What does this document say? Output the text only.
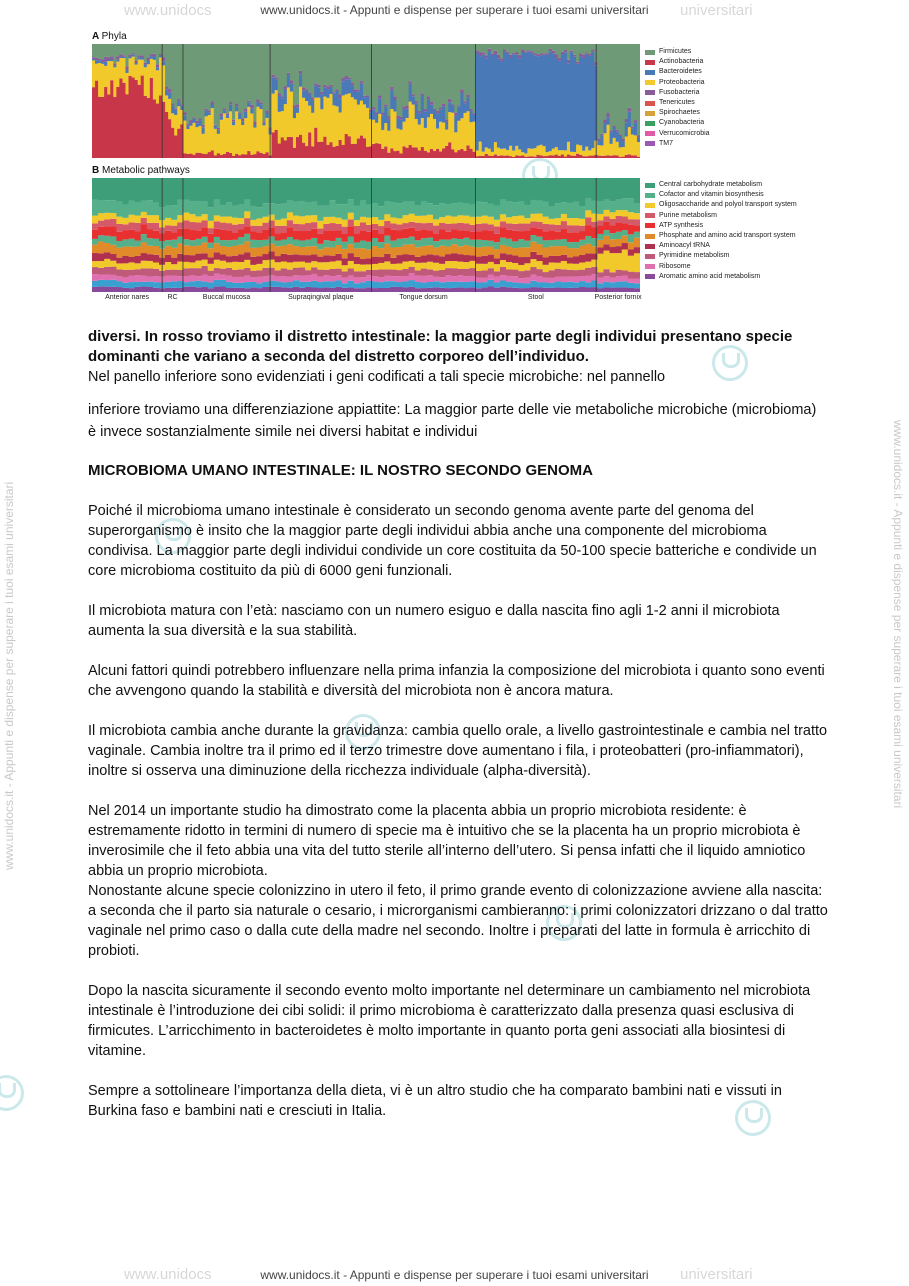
www.unidocs	universitari
www.unidocs.it - Appunti e dispense per superare i tuoi esami universitari
www.unidocs.it - Appunti e dispense per superare i tuoi esami universitari	www.unidocs.it - Appunti e dispense per superare i tuoi esami universitari
A Phyla
Firmicutes
Actinobacteria
Bacteroidetes
Proteobacteria
Fusobacteria
Tenericutes
Spirochaetes
Cyanobacteria
Verrucomicrobia
TM7
B Metabolic pathways
Central carbohydrate metabolism
Cofactor and vitamin biosynthesis
Oligosaccharide and polyol transport system
Purine metabolism
ATP synthesis
Phosphate and amino acid transport system
Aminoacyl tRNA
Pyrimidine metabolism
Ribosome
Aromatic amino acid metabolism
Anterior nares	RC	Buccal mucosa	Supraqingival plaque	Tongue dorsum	Stool	Posterior fornix

diversi. In rosso troviamo il distretto intestinale: la maggior parte degli individui presentano specie dominanti che variano a seconda del distretto corporeo dell’individuo.

Nel panello inferiore sono evidenziati i geni codificati a tali specie microbiche: nel pannello

inferiore troviamo una differenziazione appiattite: La maggior parte delle vie metaboliche microbiche (microbioma) è invece sostanzialmente simile nei diversi habitat e individui

MICROBIOMA UMANO INTESTINALE: IL NOSTRO SECONDO GENOMA

Poiché il microbioma umano intestinale è considerato un secondo genoma avente parte del genoma del superorganismo è insito che la maggior parte degli individui abbia anche una componente del microbioma condivisa. La maggior parte degli individui condivide un core costituita da 50-100 specie batteriche e condivide un core microbioma costituito da più di 6000 geni funzionali.

Il microbiota matura con l’età: nasciamo con un numero esiguo e dalla nascita fino agli 1-2 anni il microbiota aumenta la sua diversità e la sua stabilità.

Alcuni fattori quindi potrebbero influenzare nella prima infanzia la composizione del microbiota i quanto sono eventi che avvengono quando la stabilità e diversità del microbiota non è ancora matura.

Il microbiota cambia anche durante la gravidanza: cambia quello orale, a livello gastrointestinale e cambia nel tratto vaginale. Cambia inoltre tra il primo ed il terzo trimestre dove aumentano i fila, i proteobatteri (pro-infiammatori), inoltre si osserva una diminuzione della ricchezza individuale (alpha-diversità).

Nel 2014 un importante studio ha dimostrato come la placenta abbia un proprio microbiota residente: è estremamente ridotto in termini di numero di specie ma è intuitivo che se la placenta ha un proprio microbiota è inverosimile che il feto abbia una vita del tutto sterile all’interno dell’utero. Si pensa infatti che il liquido amniotico abbia un proprio microbiota.

Nonostante alcune specie colonizzino in utero il feto, il primo grande evento di colonizzazione avviene alla nascita: a seconda che il parto sia naturale o cesario, i microrganismi cambieranno: i primi colonizzatori drizzano o dal tratto vaginale nel primo caso o dalla cute della madre nel secondo. Inoltre i preparati del latte in formula è arricchito di probioti.

Dopo la nascita sicuramente il secondo evento molto importante nel determinare un cambiamento nel microbiota intestinale è l’introduzione dei cibi solidi: il primo microbioma è caratterizzato dalla presenza quasi esclusiva di firmicutes. L’arricchimento in bacteroidetes è molto importante in quanto porta geni associati alla biosintesi di vitamine.

Sempre a sottolineare l’importanza della dieta, vi è un altro studio che ha comparato bambini nati e vissuti in Burkina faso e bambini nati e cresciuti in Italia.

www.unidocs	universitari
www.unidocs.it - Appunti e dispense per superare i tuoi esami universitari
